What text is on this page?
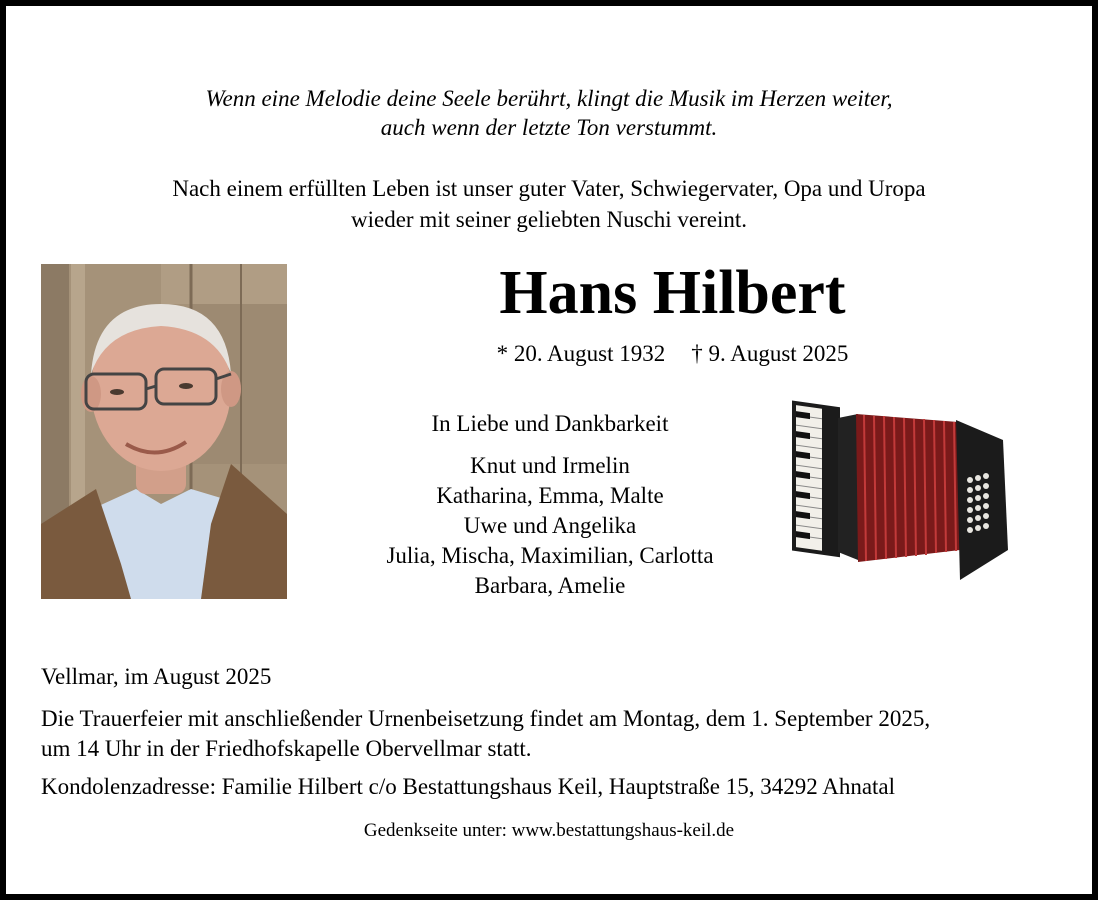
Wenn eine Melodie deine Seele berührt, klingt die Musik im Herzen weiter,
auch wenn der letzte Ton verstummt.
Nach einem erfüllten Leben ist unser guter Vater, Schwiegervater, Opa und Uropa
wieder mit seiner geliebten Nuschi vereint.
Hans Hilbert
* 20. August 1932 † 9. August 2025
In Liebe und Dankbarkeit
Knut und Irmelin
Katharina, Emma, Malte
Uwe und Angelika
Julia, Mischa, Maximilian, Carlotta
Barbara, Amelie
Vellmar, im August 2025
Die Trauerfeier mit anschließender Urnenbeisetzung findet am Montag, dem 1. September 2025,
um 14 Uhr in der Friedhofskapelle Obervellmar statt.
Kondolenzadresse: Familie Hilbert c/o Bestattungshaus Keil, Hauptstraße 15, 34292 Ahnatal
Gedenkseite unter: www.bestattungshaus-keil.de
